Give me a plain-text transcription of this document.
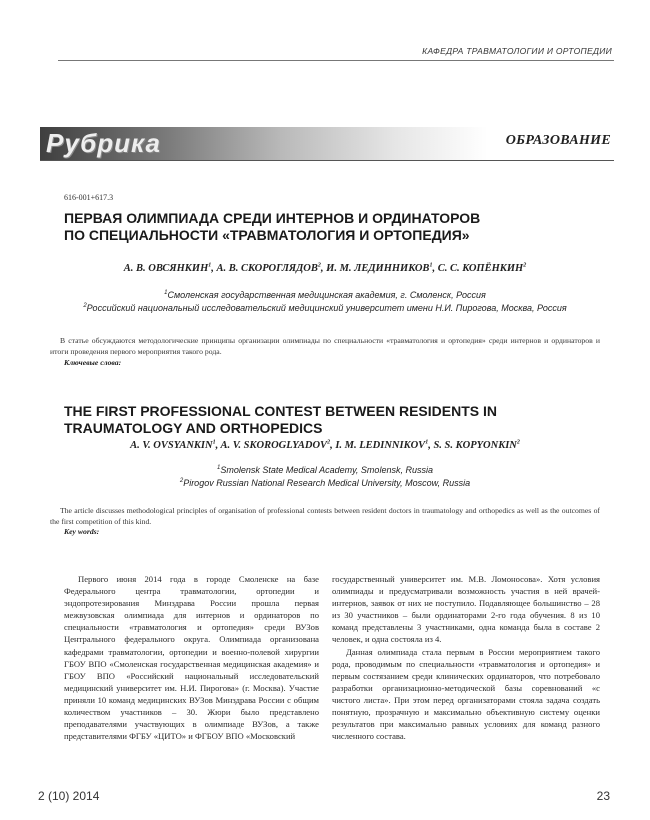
КАФЕДРА ТРАВМАТОЛОГИИ И ОРТОПЕДИИ
Рубрика	ОБРАЗОВАНИЕ
616-001+617.3
ПЕРВАЯ ОЛИМПИАДА СРЕДИ ИНТЕРНОВ И ОРДИНАТОРОВ
ПО СПЕЦИАЛЬНОСТИ «ТРАВМАТОЛОГИЯ И ОРТОПЕДИЯ»
А. В. ОВСЯНКИН$^1$, А. В. СКОРОГЛЯДОВ$^2$, И. М. ЛЕДИННИКОВ$^1$, С. С. КОПЁНКИН$^2$
$^1$Смоленская государственная медицинская академия, г. Смоленск, Россия
$^2$Российский национальный исследовательский медицинский университет имени Н.И. Пирогова, Москва, Россия
В статье обсуждаются методологические принципы организации олимпиады по специальности «травматология и ортопедия» среди интернов и ординаторов и итоги проведения первого мероприятия такого рода.
Ключевые слова:
THE FIRST PROFESSIONAL CONTEST BETWEEN RESIDENTS IN
TRAUMATOLOGY AND ORTHOPEDICS
A. V. OVSYANKIN$^1$, A. V. SKOROGLYADOV$^2$, I. M. LEDINNIKOV$^1$, S. S. KOPYONKIN$^2$
$^1$Smolensk State Medical Academy, Smolensk, Russia
$^2$Pirogov Russian National Research Medical University, Moscow, Russia
The article discusses methodological principles of organisation of professional contests between resident doctors in traumatology and orthopedics as well as the outcomes of the first competition of this kind.
Key words:

Первого июня 2014 года в городе Смоленске на базе Федерального центра травматологии, ортопедии и эндопротезирования Минздрава России прошла первая межвузовская олимпиада для интернов и ординаторов по специальности «травматология и ортопедия» среди ВУЗов Центрального федерального округа. Олимпиада организована кафедрами травматологии, ортопедии и военно-полевой хирургии ГБОУ ВПО «Смоленская государственная медицинская академия» и ГБОУ ВПО «Российский национальный исследовательский медицинский университет им. Н.И. Пирогова» (г. Москва). Участие приняли 10 команд медицинских ВУЗов Минздрава России с общим количеством участников – 30. Жюри было представлено преподавателями участвующих в олимпиаде ВУЗов, а также представителями ФГБУ «ЦИТО» и ФГБОУ ВПО «Московский

государственный университет им. М.В. Ломоносова». Хотя условия олимпиады и предусматривали возможность участия в ней врачей-интернов, заявок от них не поступило. Подавляющее большинство – 28 из 30 участников – были ординаторами 2-го года обучения. 8 из 10 команд представлены 3 участниками, одна команда была в составе 2 человек, и одна состояла из 4.

Данная олимпиада стала первым в России мероприятием такого рода, проводимым по специальности «травматология и ортопедия» и первым состязанием среди клинических ординаторов, что потребовало разработки организационно-методической базы соревнований «с чистого листа». При этом перед организаторами стояла задача создать понятную, прозрачную и максимально объективную систему оценки результатов при максимально равных условиях для команд разного численного состава.

2 (10) 2014	23
